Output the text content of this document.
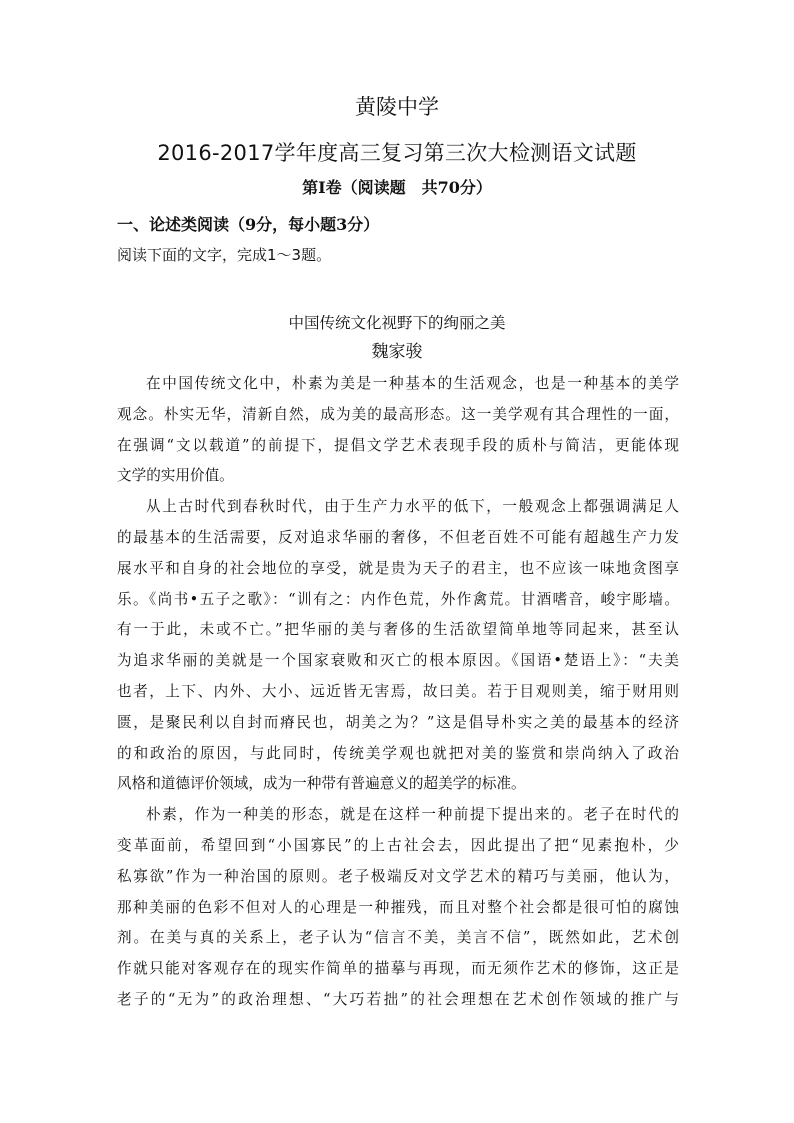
黄陵中学
2016-2017学年度高三复习第三次大检测语文试题
第Ⅰ卷（阅读题　共70分）
一、论述类阅读（9分，每小题3分）
阅读下面的文字，完成1～3题。
中国传统文化视野下的绚丽之美
魏家骏
在中国传统文化中，朴素为美是一种基本的生活观念，也是一种基本的美学
观念。朴实无华，清新自然，成为美的最高形态。这一美学观有其合理性的一面，
在强调“文以载道”的前提下，提倡文学艺术表现手段的质朴与简洁，更能体现
文学的实用价值。
从上古时代到春秋时代，由于生产力水平的低下，一般观念上都强调满足人
的最基本的生活需要，反对追求华丽的奢侈，不但老百姓不可能有超越生产力发
展水平和自身的社会地位的享受，就是贵为天子的君主，也不应该一味地贪图享
乐。《尚书•五子之歌》：“训有之：内作色荒，外作禽荒。甘酒嗜音，峻宇彫墙。
有一于此，未或不亡。”把华丽的美与奢侈的生活欲望简单地等同起来，甚至认
为追求华丽的美就是一个国家衰败和灭亡的根本原因。《国语•楚语上》：“夫美
也者，上下、内外、大小、远近皆无害焉，故曰美。若于目观则美，缩于财用则
匮，是聚民利以自封而瘠民也，胡美之为？”这是倡导朴实之美的最基本的经济
的和政治的原因，与此同时，传统美学观也就把对美的鉴赏和崇尚纳入了政治
风格和道德评价领域，成为一种带有普遍意义的超美学的标准。
朴素，作为一种美的形态，就是在这样一种前提下提出来的。老子在时代的
变革面前，希望回到“小国寡民”的上古社会去，因此提出了把“见素抱朴，少
私寡欲”作为一种治国的原则。老子极端反对文学艺术的精巧与美丽，他认为，
那种美丽的色彩不但对人的心理是一种摧残，而且对整个社会都是很可怕的腐蚀
剂。在美与真的关系上，老子认为“信言不美，美言不信”，既然如此，艺术创
作就只能对客观存在的现实作简单的描摹与再现，而无须作艺术的修饰，这正是
老子的“无为”的政治理想、“大巧若拙”的社会理想在艺术创作领域的推广与
